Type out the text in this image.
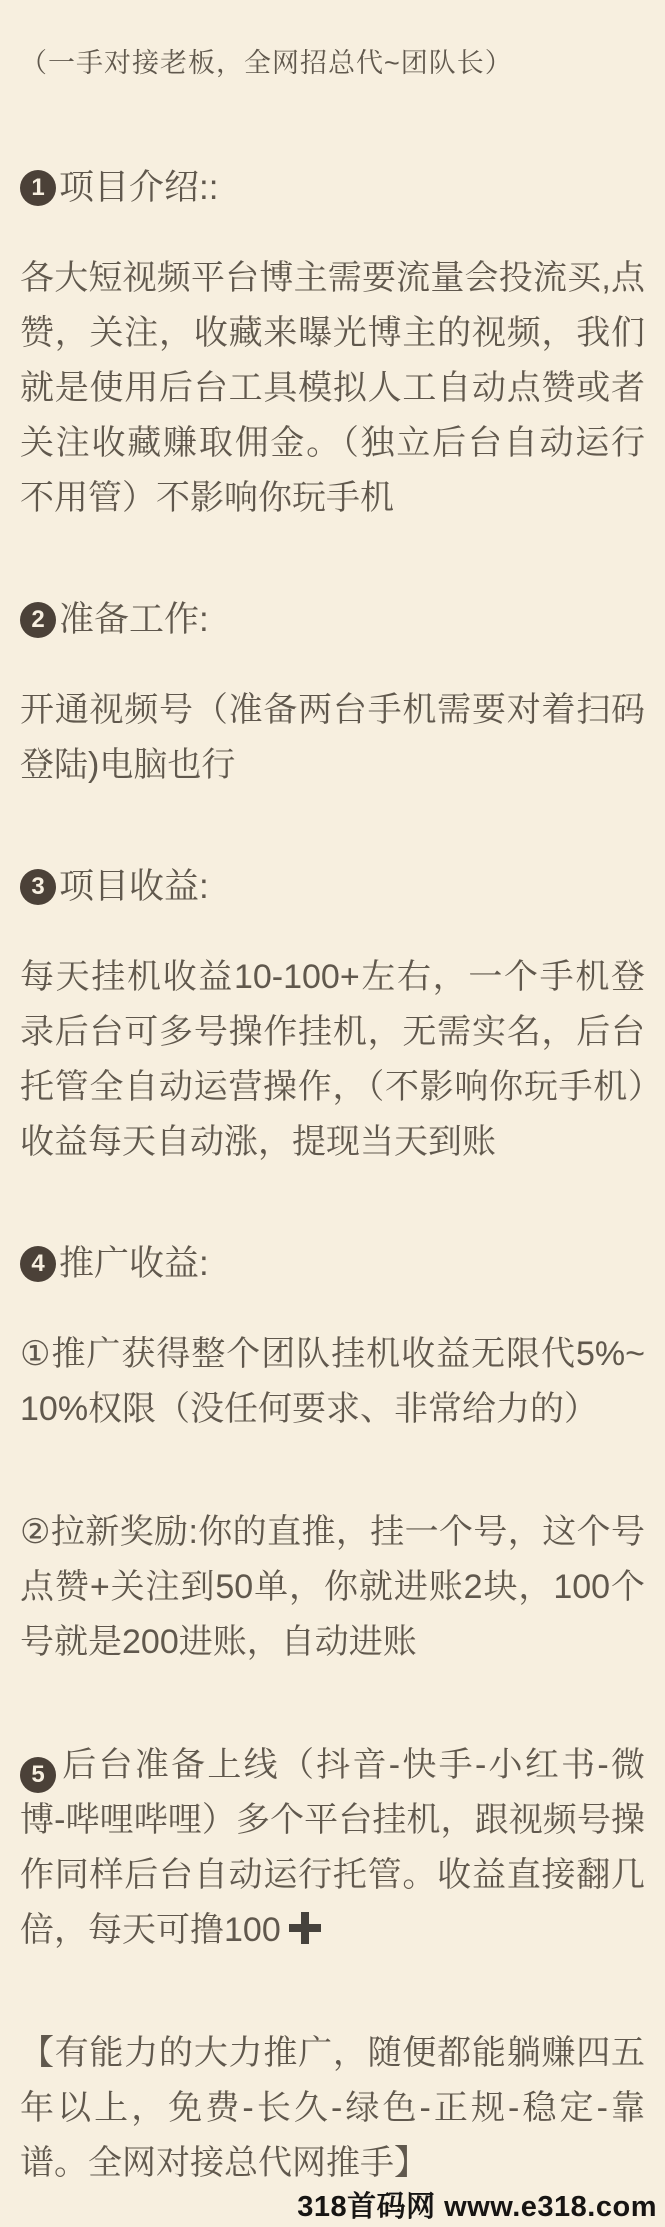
（一手对接老板，全网招总代~团队长）
1 项目介绍::

各大短视频平台博主需要流量会投流买,点赞，关注，收藏来曝光博主的视频，我们就是使用后台工具模拟人工自动点赞或者关注收藏赚取佣金。（独立后台自动运行不用管）不影响你玩手机

2 准备工作:

开通视频号（准备两台手机需要对着扫码登陆)电脑也行

3 项目收益:

每天挂机收益10-100+左右，一个手机登录后台可多号操作挂机，无需实名，后台托管全自动运营操作，（不影响你玩手机）收益每天自动涨，提现当天到账

4 推广收益:

①推广获得整个团队挂机收益无限代5%~10%权限（没任何要求、非常给力的）

②拉新奖励:你的直推，挂一个号，这个号点赞+关注到50单，你就进账2块，100个号就是200进账，自动进账

5 后台准备上线（抖音-快手-小红书-微博-哔哩哔哩）多个平台挂机，跟视频号操作同样后台自动运行托管。收益直接翻几倍，每天可撸100

【有能力的大力推广，随便都能躺赚四五年以上，免费-长久-绿色-正规-稳定-靠谱。全网对接总代网推手】

318首码网 www.e318.com
